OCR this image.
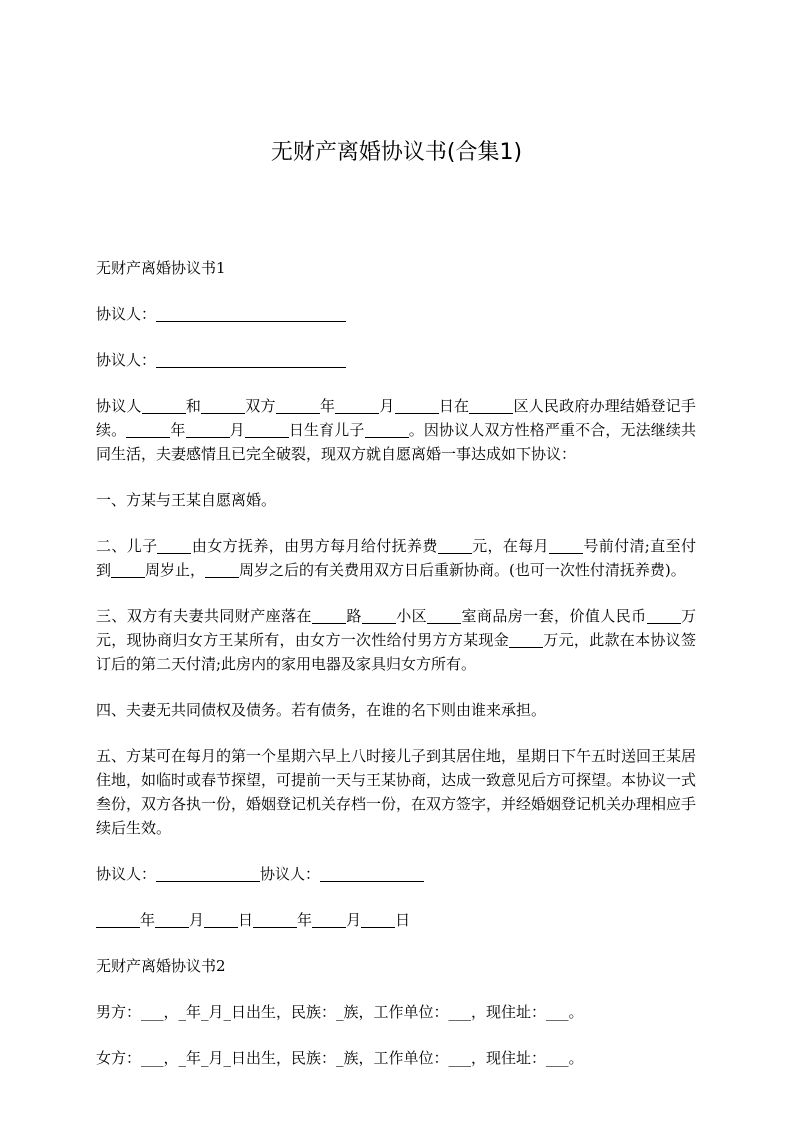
无财产离婚协议书(合集1)

无财产离婚协议书1

协议人：

协议人：

协议人	和	双方	年	月	日在	区人民政府办理结婚登记手续。	年	月	日生育儿子	。因协议人双方性格严重不合，无法继续共同生活，夫妻感情且已完全破裂，现双方就自愿离婚一事达成如下协议：

一、方某与王某自愿离婚。

二、儿子 由女方抚养，由男方每月给付抚养费 元，在每月 号前付清;直至付到 周岁止， 周岁之后的有关费用双方日后重新协商。(也可一次性付清抚养费)。

三、双方有夫妻共同财产座落在 路 小区 室商品房一套，价值人民币 万元，现协商归女方王某所有，由女方一次性给付男方方某现金 万元，此款在本协议签订后的第二天付清;此房内的家用电器及家具归女方所有。

四、夫妻无共同债权及债务。若有债务，在谁的名下则由谁来承担。

五、方某可在每月的第一个星期六早上八时接儿子到其居住地，星期日下午五时送回王某居住地，如临时或春节探望，可提前一天与王某协商，达成一致意见后方可探望。本协议一式叁份，双方各执一份，婚姻登记机关存档一份，在双方签字，并经婚姻登记机关办理相应手续后生效。

协议人：	协议人：

年 月 日	年 月 日

无财产离婚协议书2

男方：___，_年_月_日出生，民族：_族，工作单位：___，现住址：___。

女方：___，_年_月_日出生，民族：_族，工作单位：___，现住址：___。
